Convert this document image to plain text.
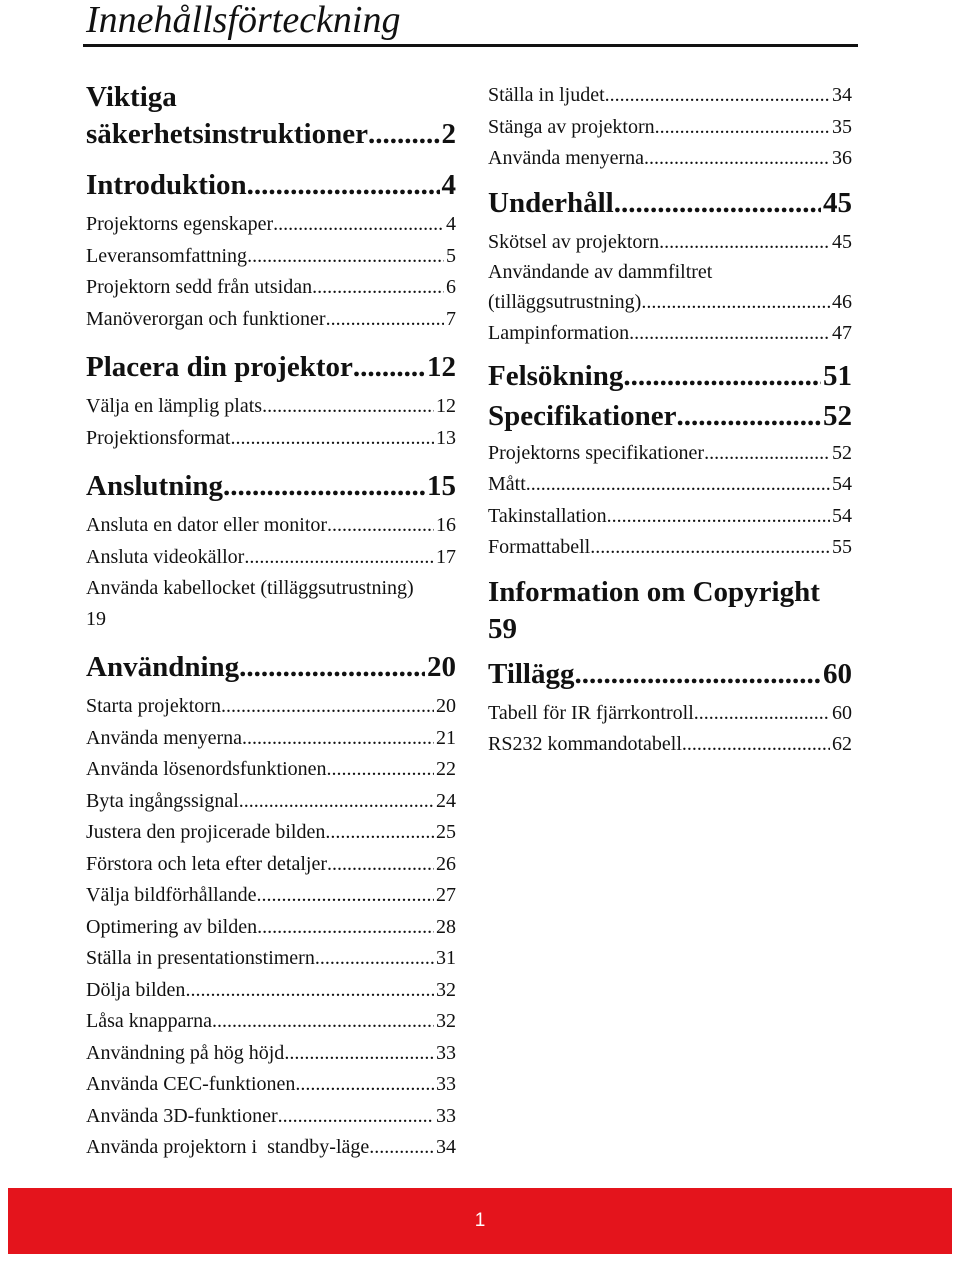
Innehållsförteckning
Viktiga
säkerhetsinstruktioner .....	2
Introduktion .....	4
Projektorns egenskaper .....	4
Leveransomfattning .....	5
Projektorn sedd från utsidan .....	6
Manöverorgan och funktioner .....	7
Placera din projektor .....	12
Välja en lämplig plats .....	12
Projektionsformat .....	13
Anslutning .....	15
Ansluta en dator eller monitor .....	16
Ansluta videokällor .....	17
Använda kabellocket (tilläggsutrustning)
19
Användning .....	20
Starta projektorn .....	20
Använda menyerna .....	21
Använda lösenordsfunktionen .....	22
Byta ingångssignal .....	24
Justera den projicerade bilden .....	25
Förstora och leta efter detaljer .....	26
Välja bildförhållande .....	27
Optimering av bilden .....	28
Ställa in presentationstimern .....	31
Dölja bilden .....	32
Låsa knapparna .....	32
Användning på hög höjd .....	33
Använda CEC-funktionen .....	33
Använda 3D-funktioner .....	33
Använda projektorn i  standby-läge .....	34
Ställa in ljudet .....	34
Stänga av projektorn .....	35
Använda menyerna .....	36
Underhåll .....	45
Skötsel av projektorn .....	45
Användande av dammfiltret
(tilläggsutrustning) .....	46
Lampinformation .....	47
Felsökning .....	51
Specifikationer .....	52
Projektorns specifikationer .....	52
Mått .....	54
Takinstallation .....	54
Formattabell .....	55
Information om Copyright
59
Tillägg .....	60
Tabell för IR fjärrkontroll .....	60
RS232 kommandotabell .....	62
1
